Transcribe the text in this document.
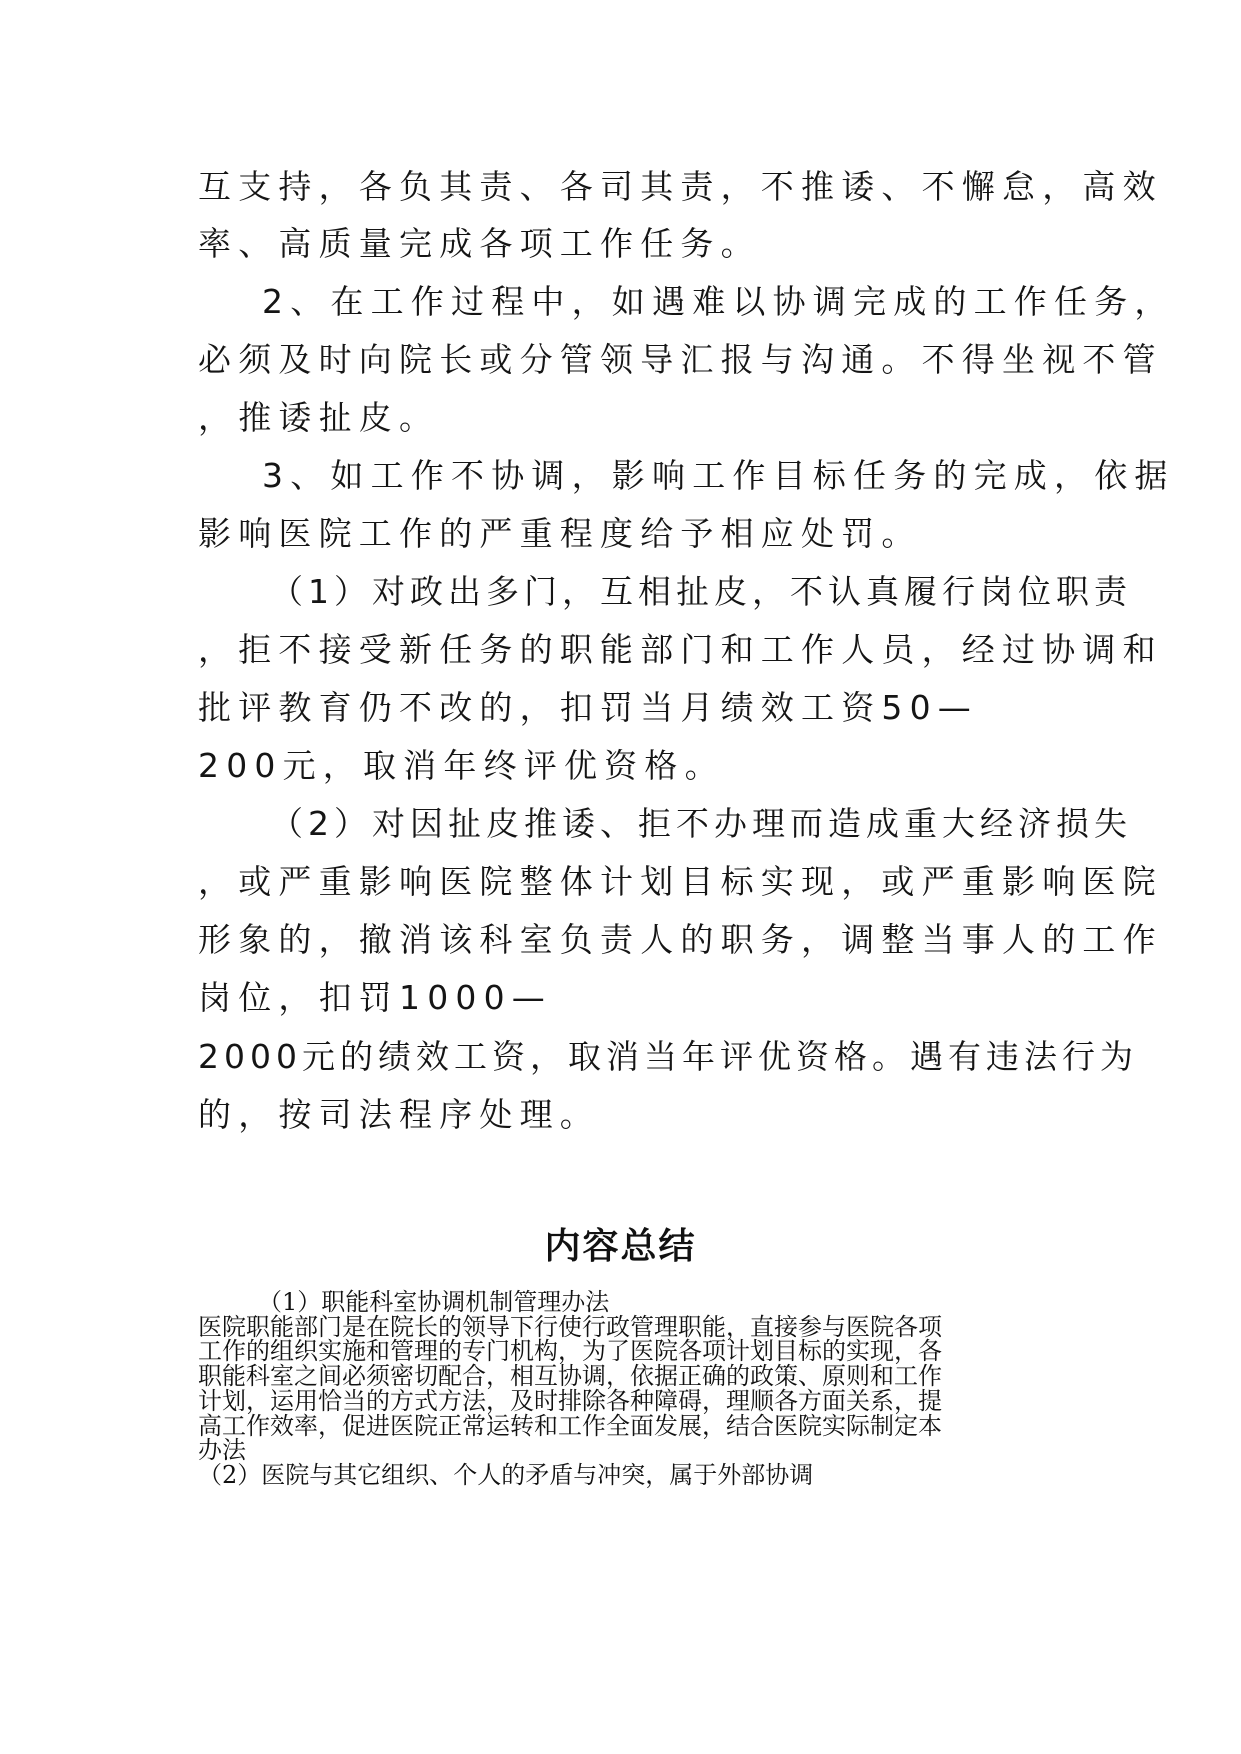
互支持，各负其责、各司其责，不推诿、不懈怠，高效
率、高质量完成各项工作任务。
2、在工作过程中，如遇难以协调完成的工作任务，
必须及时向院长或分管领导汇报与沟通。不得坐视不管
，推诿扯皮。
3、如工作不协调，影响工作目标任务的完成，依据
影响医院工作的严重程度给予相应处罚。
（1）对政出多门，互相扯皮，不认真履行岗位职责
，拒不接受新任务的职能部门和工作人员，经过协调和
批评教育仍不改的，扣罚当月绩效工资50—
200元，取消年终评优资格。
（2）对因扯皮推诿、拒不办理而造成重大经济损失
，或严重影响医院整体计划目标实现，或严重影响医院
形象的，撤消该科室负责人的职务，调整当事人的工作
岗位，扣罚1000—
2000元的绩效工资，取消当年评优资格。遇有违法行为
的，按司法程序处理。
内容总结
（1）职能科室协调机制管理办法
医院职能部门是在院长的领导下行使行政管理职能，直接参与医院各项
工作的组织实施和管理的专门机构，为了医院各项计划目标的实现，各
职能科室之间必须密切配合，相互协调，依据正确的政策、原则和工作
计划，运用恰当的方式方法，及时排除各种障碍，理顺各方面关系，提
高工作效率，促进医院正常运转和工作全面发展，结合医院实际制定本
办法
（2）医院与其它组织、个人的矛盾与冲突，属于外部协调
